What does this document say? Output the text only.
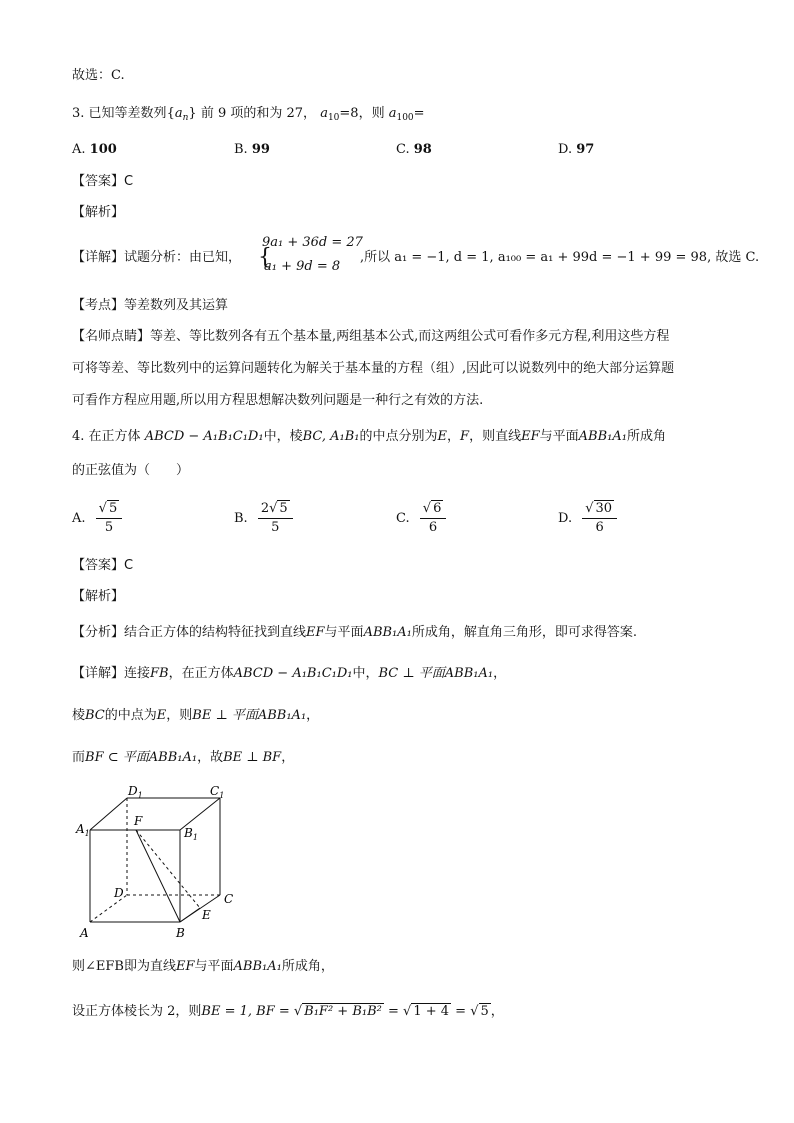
故选：C.
3. 已知等差数列$\{a_n\}$ 前 9 项的和为 27， $a_{10}=8$，则 $a_{100}=$
A. 100	B. 99	C. 98	D. 97
【答案】C
【解析】
【详解】试题分析：由已知， {
9a₁ + 36d = 27
a₁ + 9d = 8
,所以 a₁ = −1, d = 1, a₁₀₀ = a₁ + 99d = −1 + 99 = 98, 故选 C.
【考点】等差数列及其运算
【名师点睛】等差、等比数列各有五个基本量,两组基本公式,而这两组公式可看作多元方程,利用这些方程
可将等差、等比数列中的运算问题转化为解关于基本量的方程（组）,因此可以说数列中的绝大部分运算题
可看作方程应用题,所以用方程思想解决数列问题是一种行之有效的方法.
4. 在正方体 ABCD − A₁B₁C₁D₁中，棱BC, A₁B₁的中点分别为E，F，则直线EF与平面ABB₁A₁所成角
的正弦值为（　　）
A. $\frac{√ 5}{5}$	B. $\frac{2√ 5}{5}$	C. $\frac{√ 6}{6}$	D. $\frac{√ 30}{6}$
【答案】C
【解析】
【分析】结合正方体的结构特征找到直线EF与平面ABB₁A₁所成角，解直角三角形，即可求得答案.
【详解】连接FB，在正方体ABCD − A₁B₁C₁D₁中，BC ⊥ 平面ABB₁A₁，
棱BC的中点为E，则BE ⊥ 平面ABB₁A₁，
而BF ⊂ 平面ABB₁A₁，故BE ⊥ BF，
$A_1$
$D_1$	$C_1$
$B_1$
F
D	C
E
A	B
则∠EFB即为直线EF与平面ABB₁A₁所成角，
设正方体棱长为 2，则BE = 1, BF = √ B₁F² + B₁B² = √ 1 + 4 = √ 5 ，
